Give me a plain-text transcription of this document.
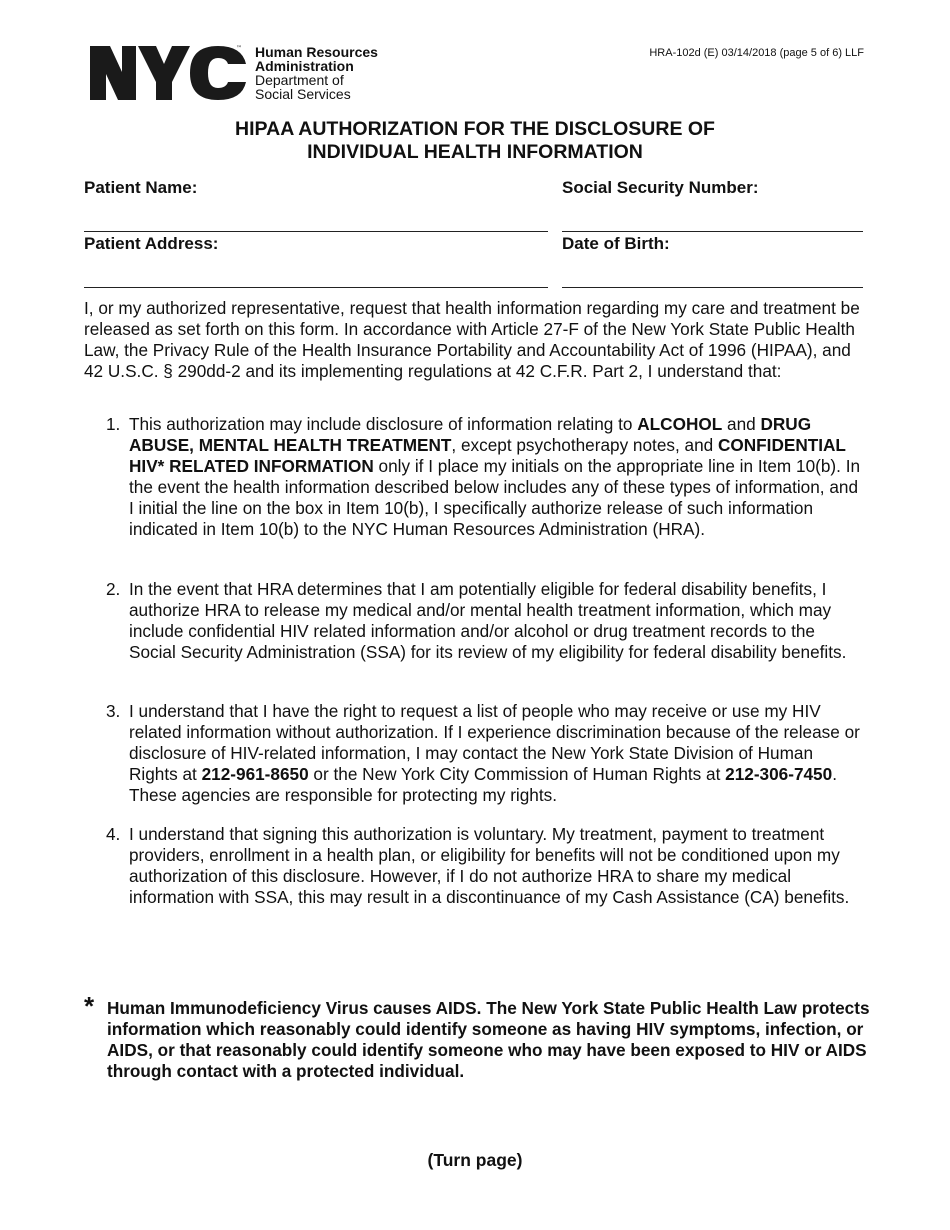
™ Human Resources
Administration
Department of
Social Services
HRA-102d (E) 03/14/2018 (page 5 of 6) LLF
HIPAA AUTHORIZATION FOR THE DISCLOSURE OF
INDIVIDUAL HEALTH INFORMATION
Patient Name:	Social Security Number:
Patient Address:	Date of Birth:
I, or my authorized representative, request that health information regarding my care and treatment be released as set forth on this form. In accordance with Article 27-F of the New York State Public Health Law, the Privacy Rule of the Health Insurance Portability and Accountability Act of 1996 (HIPAA), and 42 U.S.C. § 290dd-2 and its implementing regulations at 42 C.F.R. Part 2, I understand that:
1. This authorization may include disclosure of information relating to ALCOHOL and DRUG ABUSE, MENTAL HEALTH TREATMENT, except psychotherapy notes, and CONFIDENTIAL HIV* RELATED INFORMATION only if I place my initials on the appropriate line in Item 10(b). In the event the health information described below includes any of these types of information, and I initial the line on the box in Item 10(b), I specifically authorize release of such information indicated in Item 10(b) to the NYC Human Resources Administration (HRA).
2. In the event that HRA determines that I am potentially eligible for federal disability benefits, I authorize HRA to release my medical and/or mental health treatment information, which may include confidential HIV related information and/or alcohol or drug treatment records to the Social Security Administration (SSA) for its review of my eligibility for federal disability benefits.
3. I understand that I have the right to request a list of people who may receive or use my HIV related information without authorization. If I experience discrimination because of the release or disclosure of HIV-related information, I may contact the New York State Division of Human Rights at 212-961-8650 or the New York City Commission of Human Rights at 212-306-7450. These agencies are responsible for protecting my rights.
4. I understand that signing this authorization is voluntary. My treatment, payment to treatment providers, enrollment in a health plan, or eligibility for benefits will not be conditioned upon my authorization of this disclosure. However, if I do not authorize HRA to share my medical information with SSA, this may result in a discontinuance of my Cash Assistance (CA) benefits.
* Human Immunodeficiency Virus causes AIDS. The New York State Public Health Law protects information which reasonably could identify someone as having HIV symptoms, infection, or AIDS, or that reasonably could identify someone who may have been exposed to HIV or AIDS through contact with a protected individual.
(Turn page)
